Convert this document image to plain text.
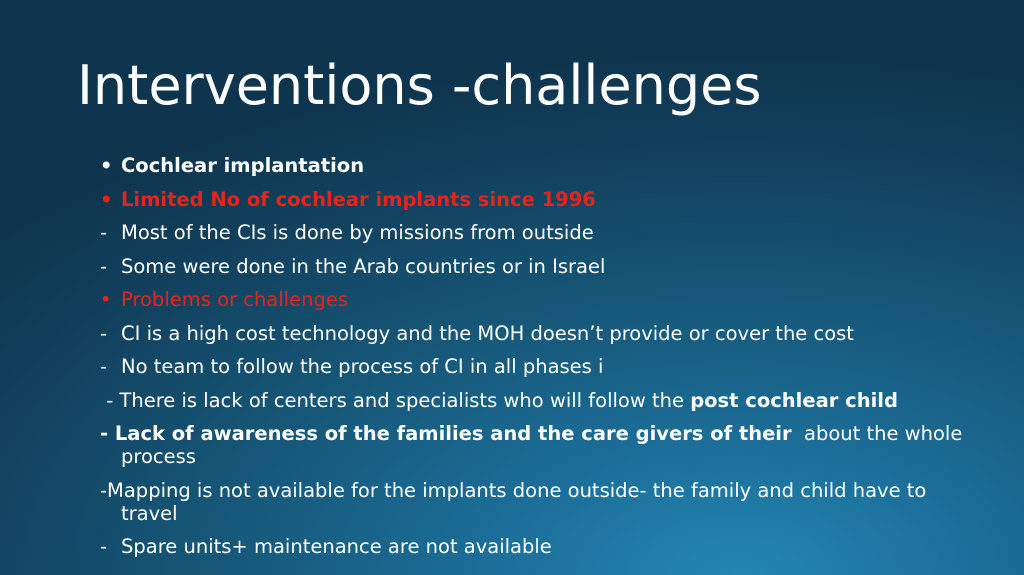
Interventions -challenges
• Cochlear implantation
• Limited No of cochlear implants since 1996
- Most of the CIs is done by missions from outside
- Some were done in the Arab countries or in Israel
• Problems or challenges
- CI is a high cost technology and the MOH doesn’t provide or cover the cost
- No team to follow the process of CI in all phases i
- There is lack of centers and specialists who will follow the post cochlear child
- Lack of awareness of the families and the care givers of their  about the whole
process
-Mapping is not available for the implants done outside- the family and child have to
travel
- Spare units+ maintenance are not available
